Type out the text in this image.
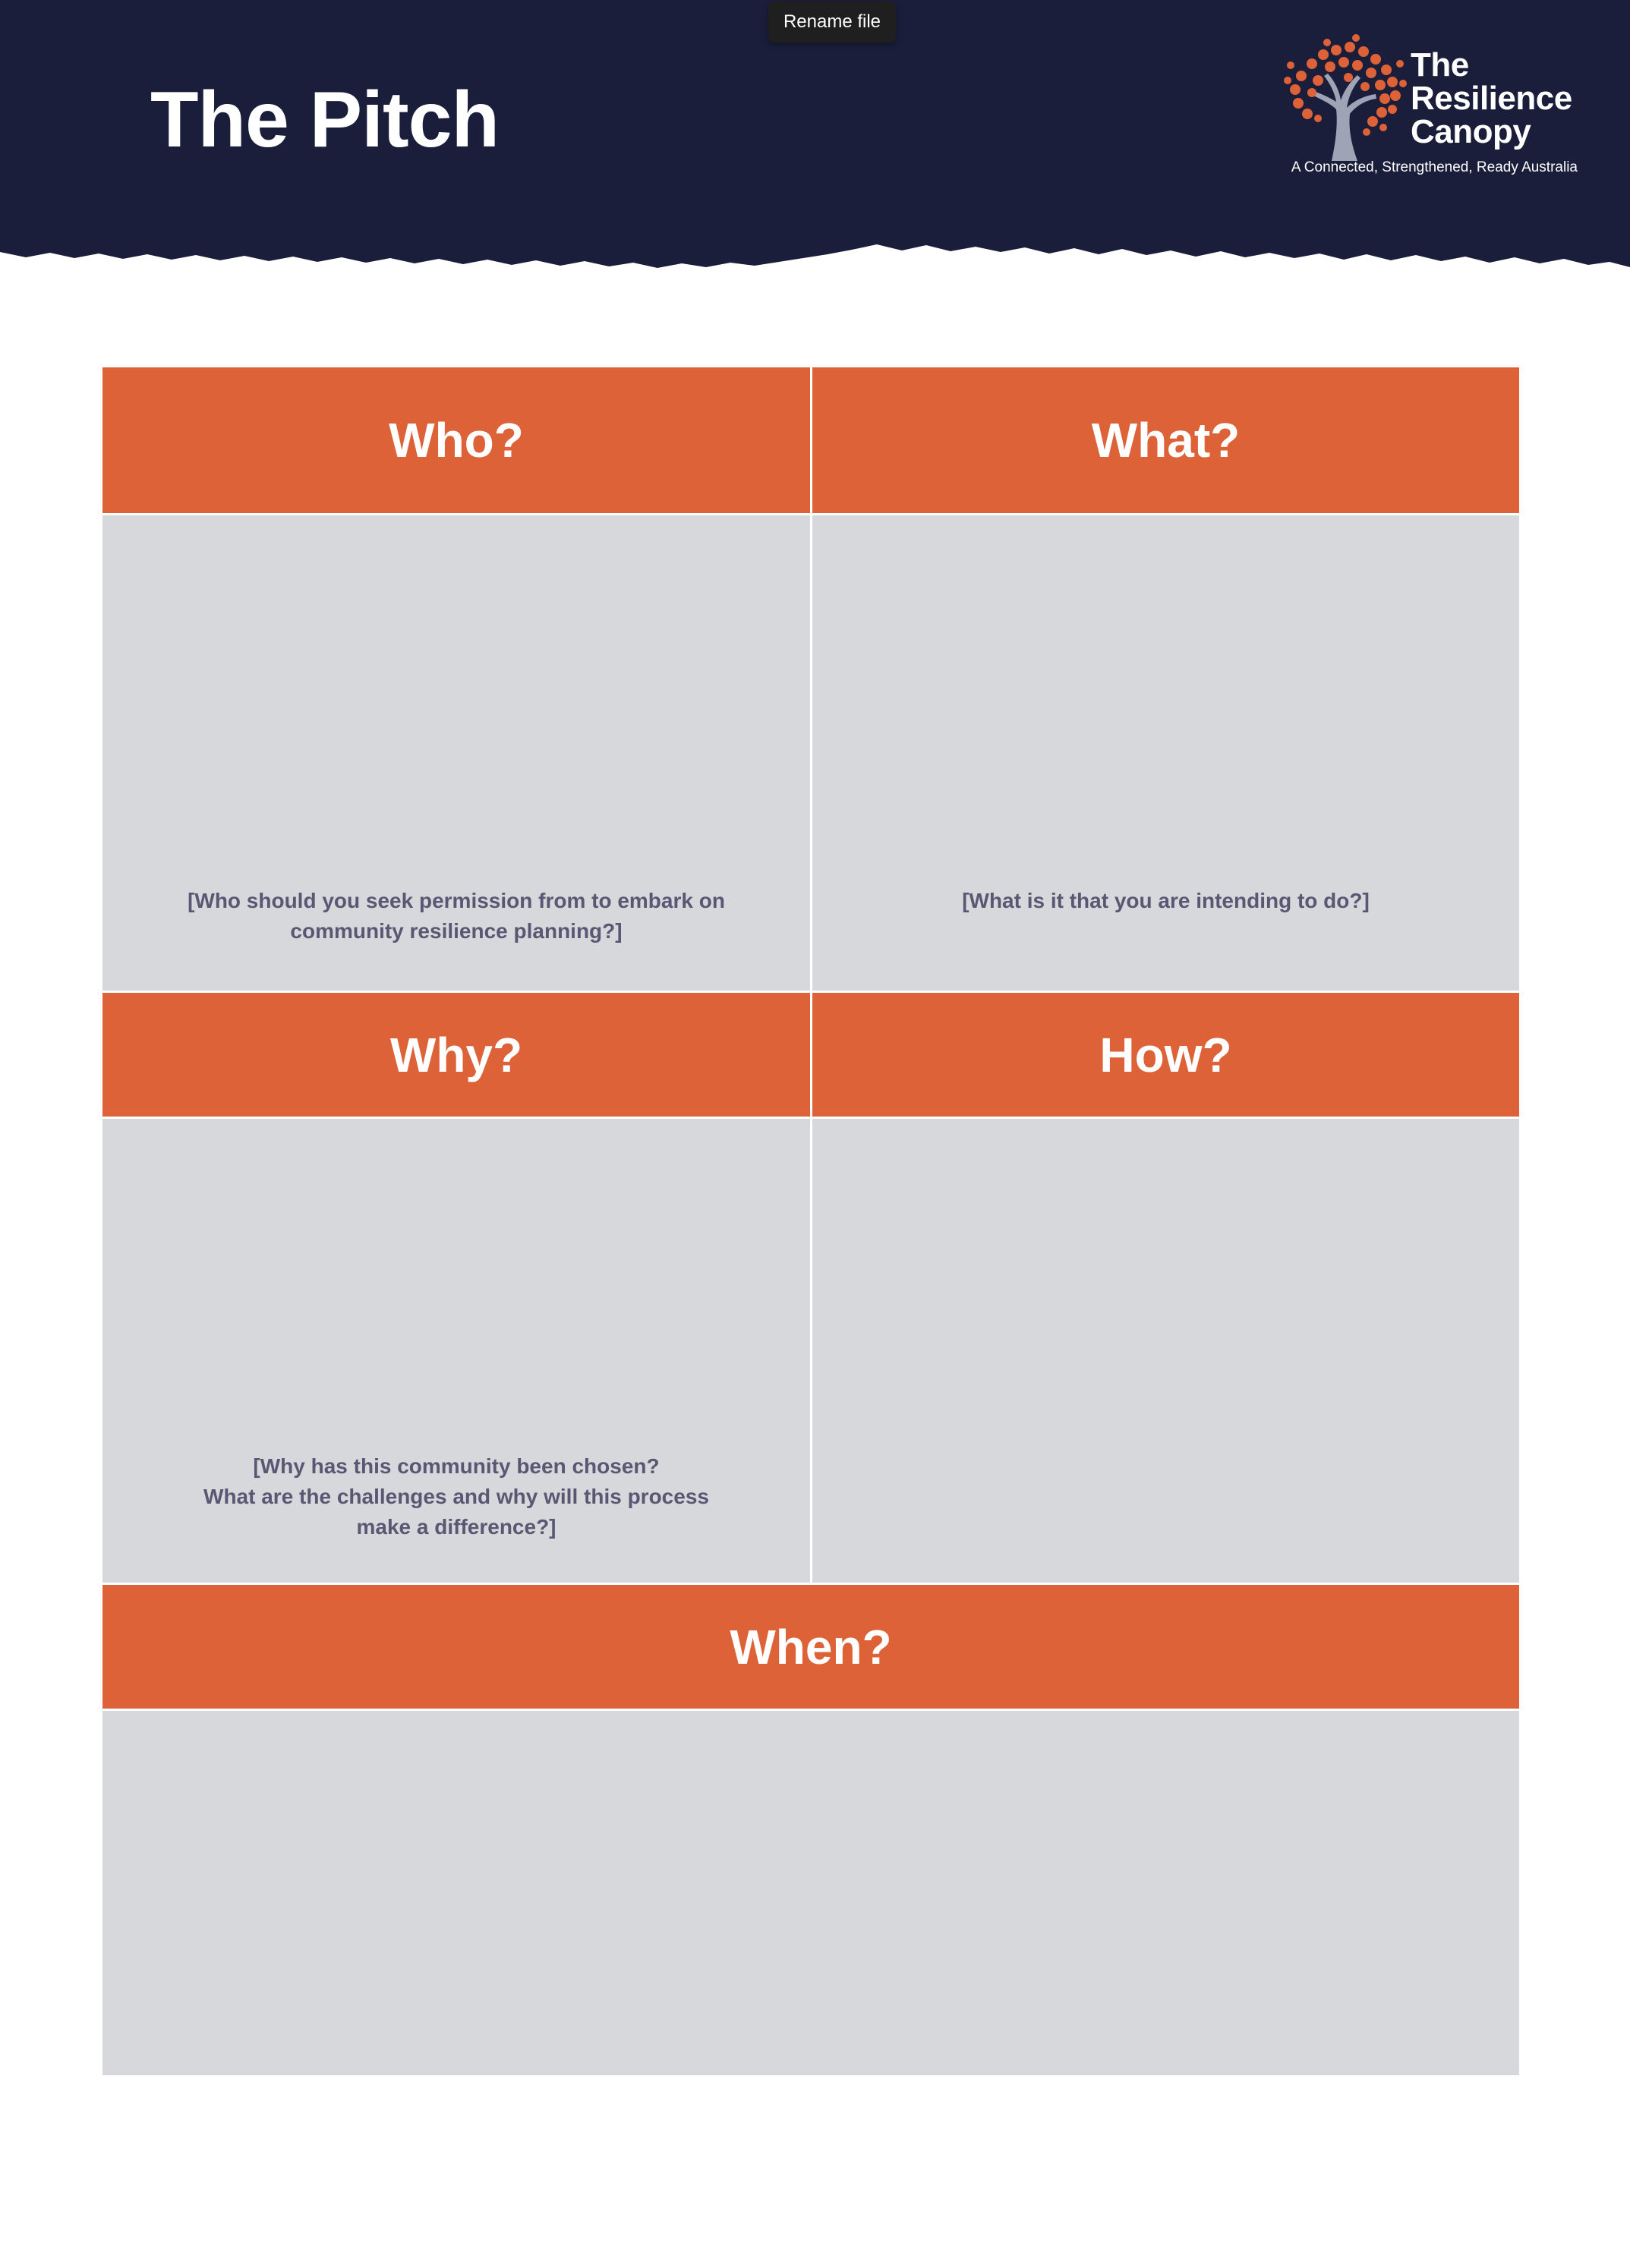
Rename file
The Pitch
The
Resilience
Canopy
A Connected, Strengthened, Ready Australia
Who?	What?
[Who should you seek permission from to embark on
community resilience planning?]
[What is it that you are intending to do?]
Why?	How?
[Why has this community been chosen?
What are the challenges and why will this process
make a difference?]
When?
